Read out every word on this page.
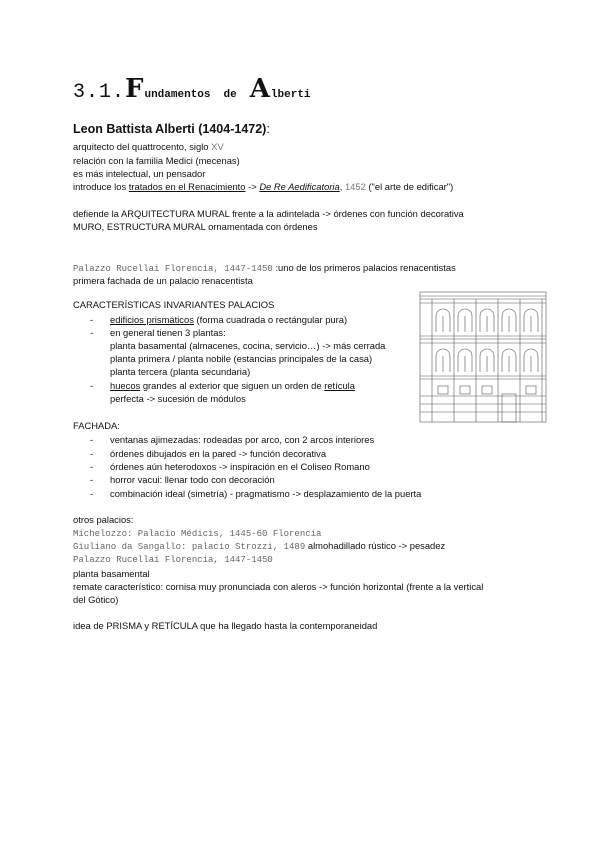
3.1.Fundamentos de Alberti
Leon Battista Alberti (1404-1472):
arquitecto del quattrocento, siglo XV
relación con la familia Medici (mecenas)
es más intelectual, un pensador
introduce los tratados en el Renacimiento -> De Re Aedificatoria, 1452 ("el arte de edificar")
defiende la ARQUITECTURA MURAL frente a la adintelada -> órdenes con función decorativa
MURO, ESTRUCTURA MURAL ornamentada con órdenes
Palazzo Rucellai Florencia, 1447-1450 :uno de los primeros palacios renacentistas
primera fachada de un palacio renacentista
CARACTERÍSTICAS INVARIANTES PALACIOS
- edificios prismáticos (forma cuadrada o rectángular pura)
- en general tienen 3 plantas:
planta basamental (almacenes, cocina, servicio…) -> más cerrada
planta primera / planta nobile (estancias principales de la casa)
planta tercera (planta secundaria)
- huecos grandes al exterior que siguen un orden de retícula
perfecta -> sucesión de módulos
FACHADA:
- ventanas ajimezadas: rodeadas por arco, con 2 arcos interiores
- órdenes dibujados en la pared -> función decorativa
- órdenes aún heterodoxos -> inspiración en el Coliseo Romano
- horror vacui: llenar todo con decoración
- combinación ideal (simetría) - pragmatismo -> desplazamiento de la puerta
otros palacios:
Michelozzo: Palacio Médicis, 1445-60 Florencia
Giuliano da Sangallo: palacio Strozzi, 1489 almohadillado rústico -> pesadez
Palazzo Rucellai Florencia, 1447-1450
planta basamental
remate característico: cornisa muy pronunciada con aleros -> función horizontal (frente a la vertical
del Gótico)
idea de PRISMA y RETÍCULA que ha llegado hasta la contemporaneidad
